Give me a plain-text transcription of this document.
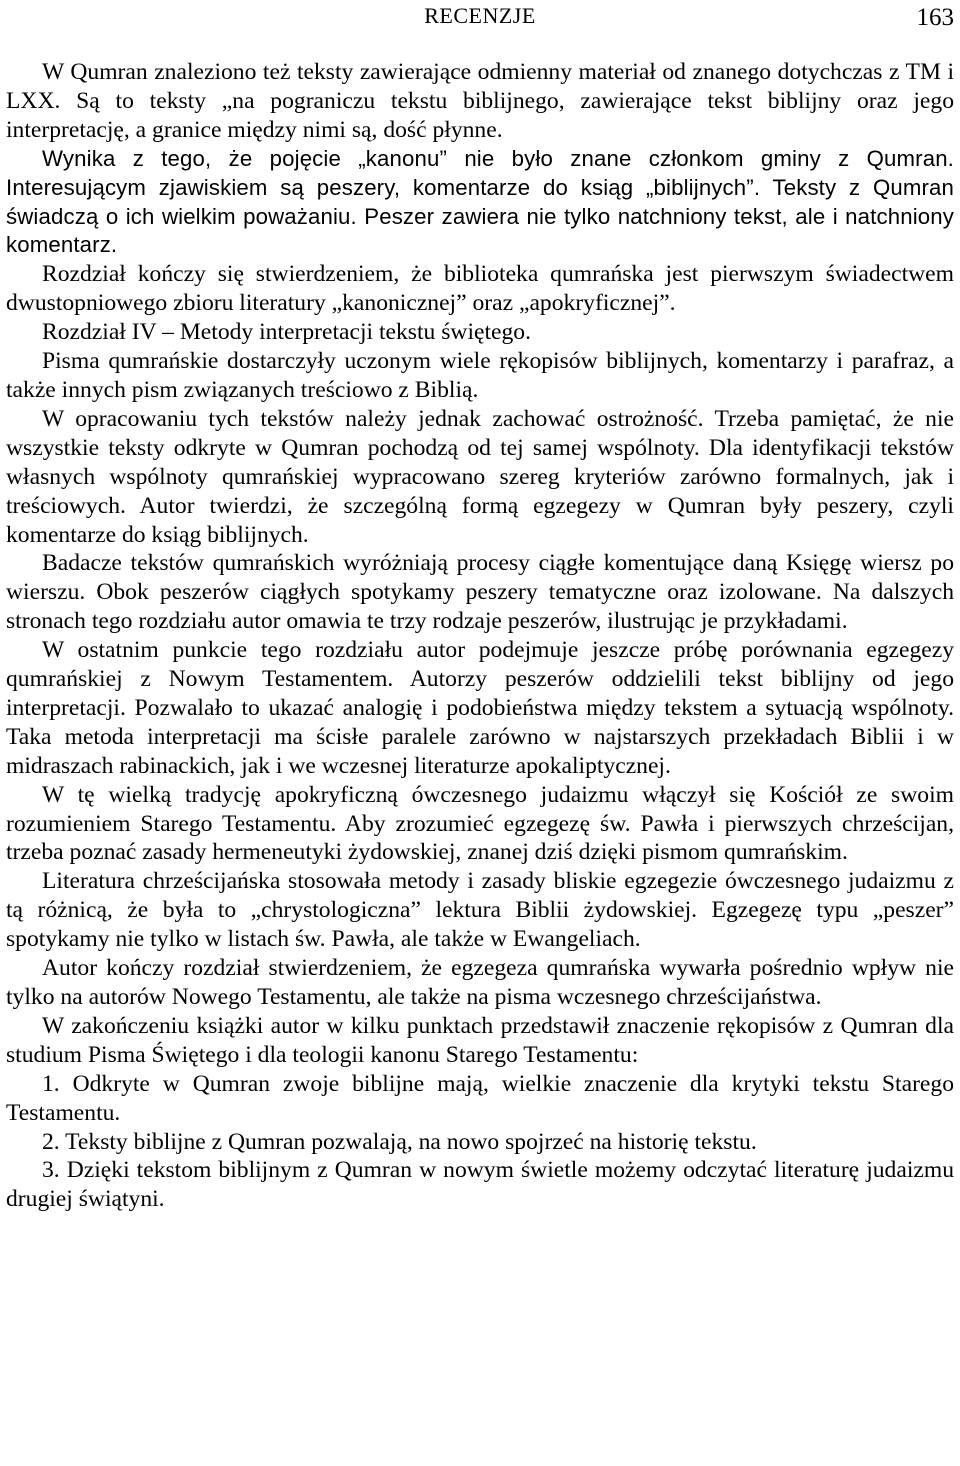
RECENZJE	163

W Qumran znaleziono też teksty zawierające odmienny materiał od znanego dotychczas z TM i LXX. Są to teksty „na pograniczu tekstu biblijnego, zawierające tekst biblijny oraz jego interpretację, a granice między nimi są, dość płynne.

Wynika z tego, że pojęcie „kanonu” nie było znane członkom gminy z Qumran. Interesującym zjawiskiem są peszery, komentarze do ksiąg „biblijnych”. Teksty z Qumran świadczą o ich wielkim poważaniu. Peszer zawiera nie tylko natchniony tekst, ale i natchniony komentarz.

Rozdział kończy się stwierdzeniem, że biblioteka qumrańska jest pierwszym świadectwem dwustopniowego zbioru literatury „kanonicznej” oraz „apokryficznej”.

Rozdział IV – Metody interpretacji tekstu świętego.

Pisma qumrańskie dostarczyły uczonym wiele rękopisów biblijnych, komentarzy i parafraz, a także innych pism związanych treściowo z Biblią.

W opracowaniu tych tekstów należy jednak zachować ostrożność. Trzeba pamiętać, że nie wszystkie teksty odkryte w Qumran pochodzą od tej samej wspólnoty. Dla identyfikacji tekstów własnych wspólnoty qumrańskiej wypracowano szereg kryteriów zarówno formalnych, jak i treściowych. Autor twierdzi, że szczególną formą egzegezy w Qumran były peszery, czyli komentarze do ksiąg biblijnych.

Badacze tekstów qumrańskich wyróżniają procesy ciągłe komentujące daną Księgę wiersz po wierszu. Obok peszerów ciągłych spotykamy peszery tematyczne oraz izolowane. Na dalszych stronach tego rozdziału autor omawia te trzy rodzaje peszerów, ilustrując je przykładami.

W ostatnim punkcie tego rozdziału autor podejmuje jeszcze próbę porównania egzegezy qumrańskiej z Nowym Testamentem. Autorzy peszerów oddzielili tekst biblijny od jego interpretacji. Pozwalało to ukazać analogię i podobieństwa między tekstem a sytuacją wspólnoty. Taka metoda interpretacji ma ścisłe paralele zarówno w najstarszych przekładach Biblii i w midraszach rabinackich, jak i we wczesnej literaturze apokaliptycznej.

W tę wielką tradycję apokryficzną ówczesnego judaizmu włączył się Kościół ze swoim rozumieniem Starego Testamentu. Aby zrozumieć egzegezę św. Pawła i pierwszych chrześcijan, trzeba poznać zasady hermeneutyki żydowskiej, znanej dziś dzięki pismom qumrańskim.

Literatura chrześcijańska stosowała metody i zasady bliskie egzegezie ówczesnego judaizmu z tą różnicą, że była to „chrystologiczna” lektura Biblii żydowskiej. Egzegezę typu „peszer” spotykamy nie tylko w listach św. Pawła, ale także w Ewangeliach.

Autor kończy rozdział stwierdzeniem, że egzegeza qumrańska wywarła pośrednio wpływ nie tylko na autorów Nowego Testamentu, ale także na pisma wczesnego chrześcijaństwa.

W zakończeniu książki autor w kilku punktach przedstawił znaczenie rękopisów z Qumran dla studium Pisma Świętego i dla teologii kanonu Starego Testamentu:

1. Odkryte w Qumran zwoje biblijne mają, wielkie znaczenie dla krytyki tekstu Starego Testamentu.

2. Teksty biblijne z Qumran pozwalają, na nowo spojrzeć na historię tekstu.

3. Dzięki tekstom biblijnym z Qumran w nowym świetle możemy odczytać literaturę judaizmu drugiej świątyni.
